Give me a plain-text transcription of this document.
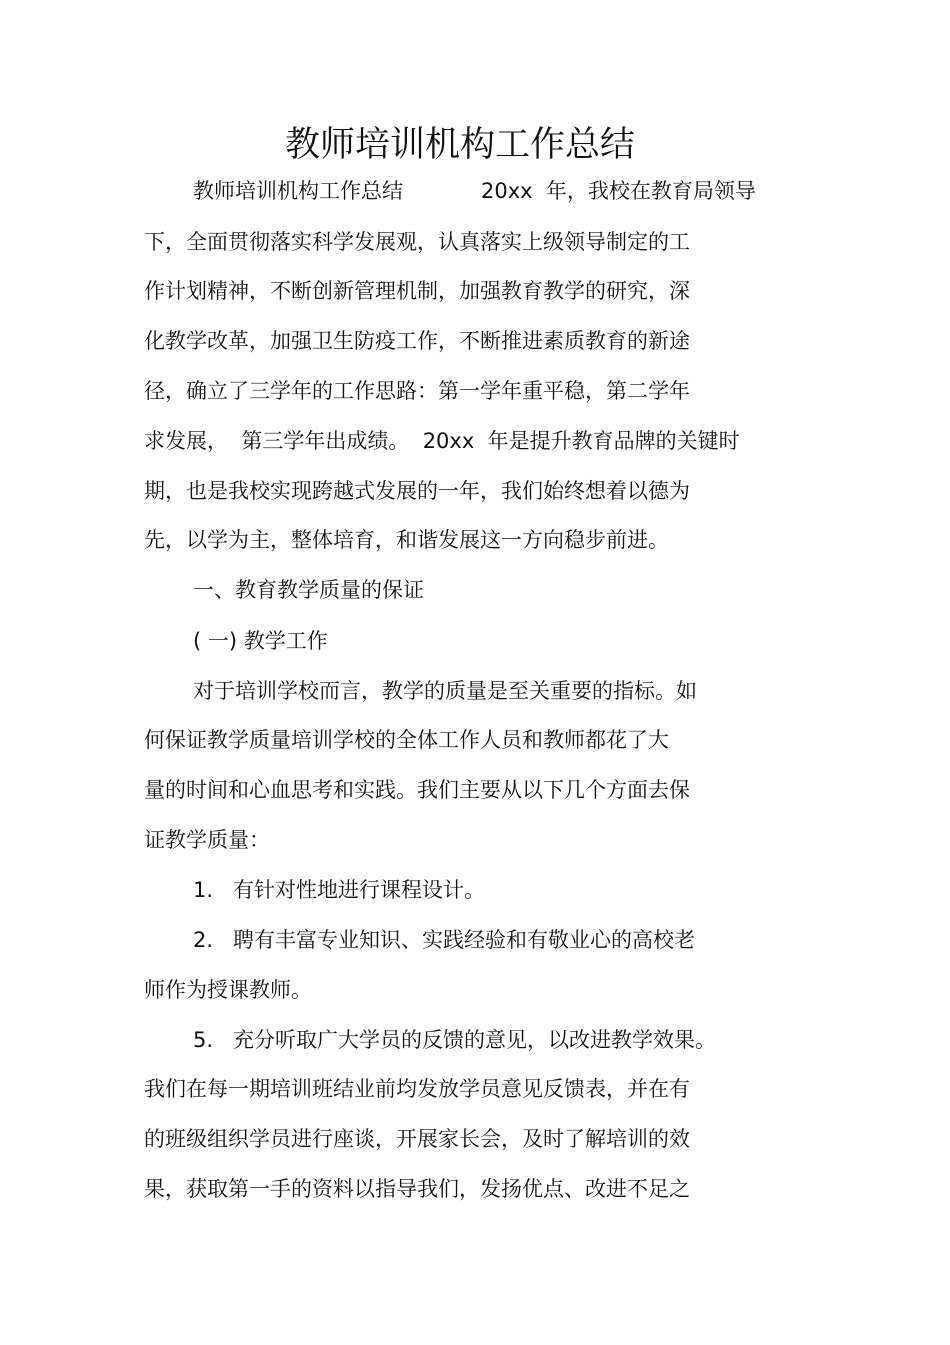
教师培训机构工作总结

教师培训机构工作总结	20xx  年，我校在教育局领导

下，全面贯彻落实科学发展观，认真落实上级领导制定的工

作计划精神，不断创新管理机制，加强教育教学的研究，深

化教学改革，加强卫生防疫工作，不断推进素质教育的新途

径，确立了三学年的工作思路：第一学年重平稳，第二学年

求发展，  第三学年出成绩。  20xx  年是提升教育品牌的关键时

期，也是我校实现跨越式发展的一年，我们始终想着以德为

先，以学为主，整体培育，和谐发展这一方向稳步前进。

一、教育教学质量的保证

( 一) 教学工作

对于培训学校而言，教学的质量是至关重要的指标。如

何保证教学质量培训学校的全体工作人员和教师都花了大

量的时间和心血思考和实践。我们主要从以下几个方面去保

证教学质量：

1.   有针对性地进行课程设计。

2.   聘有丰富专业知识、实践经验和有敬业心的高校老

师作为授课教师。

5.   充分听取广大学员的反馈的意见，以改进教学效果。

我们在每一期培训班结业前均发放学员意见反馈表，并在有

的班级组织学员进行座谈，开展家长会，及时了解培训的效

果，获取第一手的资料以指导我们，发扬优点、改进不足之
